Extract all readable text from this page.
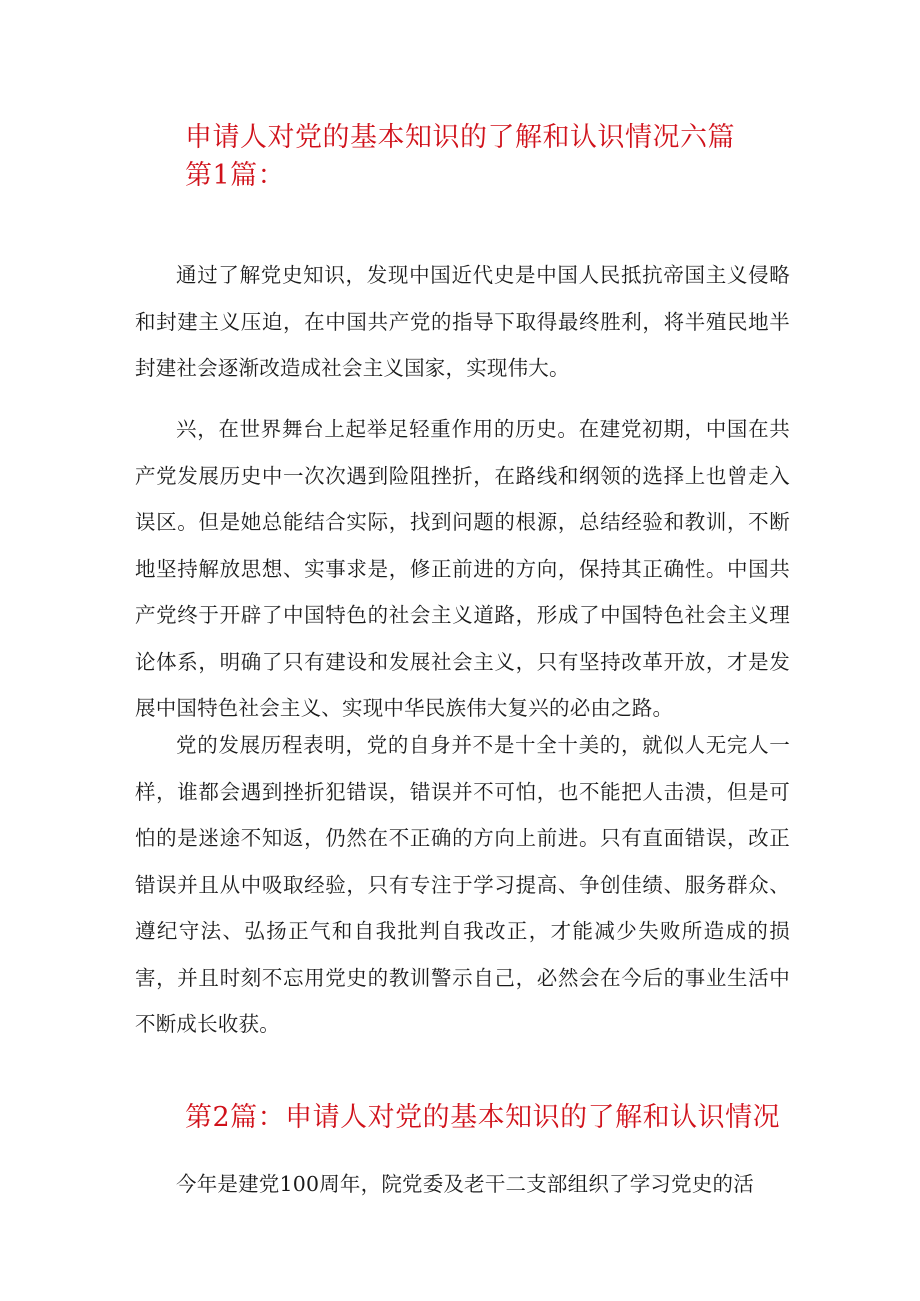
申请人对党的基本知识的了解和认识情况六篇
第1篇：

通过了解党史知识，发现中国近代史是中国人民抵抗帝国主义侵略和封建主义压迫，在中国共产党的指导下取得最终胜利，将半殖民地半封建社会逐渐改造成社会主义国家，实现伟大。

兴，在世界舞台上起举足轻重作用的历史。在建党初期，中国在共产党发展历史中一次次遇到险阻挫折，在路线和纲领的选择上也曾走入误区。但是她总能结合实际，找到问题的根源，总结经验和教训，不断地坚持解放思想、实事求是，修正前进的方向，保持其正确性。中国共产党终于开辟了中国特色的社会主义道路，形成了中国特色社会主义理论体系，明确了只有建设和发展社会主义，只有坚持改革开放，才是发展中国特色社会主义、实现中华民族伟大复兴的必由之路。

党的发展历程表明，党的自身并不是十全十美的，就似人无完人一样，谁都会遇到挫折犯错误，错误并不可怕，也不能把人击溃，但是可怕的是迷途不知返，仍然在不正确的方向上前进。只有直面错误，改正错误并且从中吸取经验，只有专注于学习提高、争创佳绩、服务群众、遵纪守法、弘扬正气和自我批判自我改正，才能减少失败所造成的损害，并且时刻不忘用党史的教训警示自己，必然会在今后的事业生活中不断成长收获。

第2篇：申请人对党的基本知识的了解和认识情况

今年是建党100周年，院党委及老干二支部组织了学习党史的活
